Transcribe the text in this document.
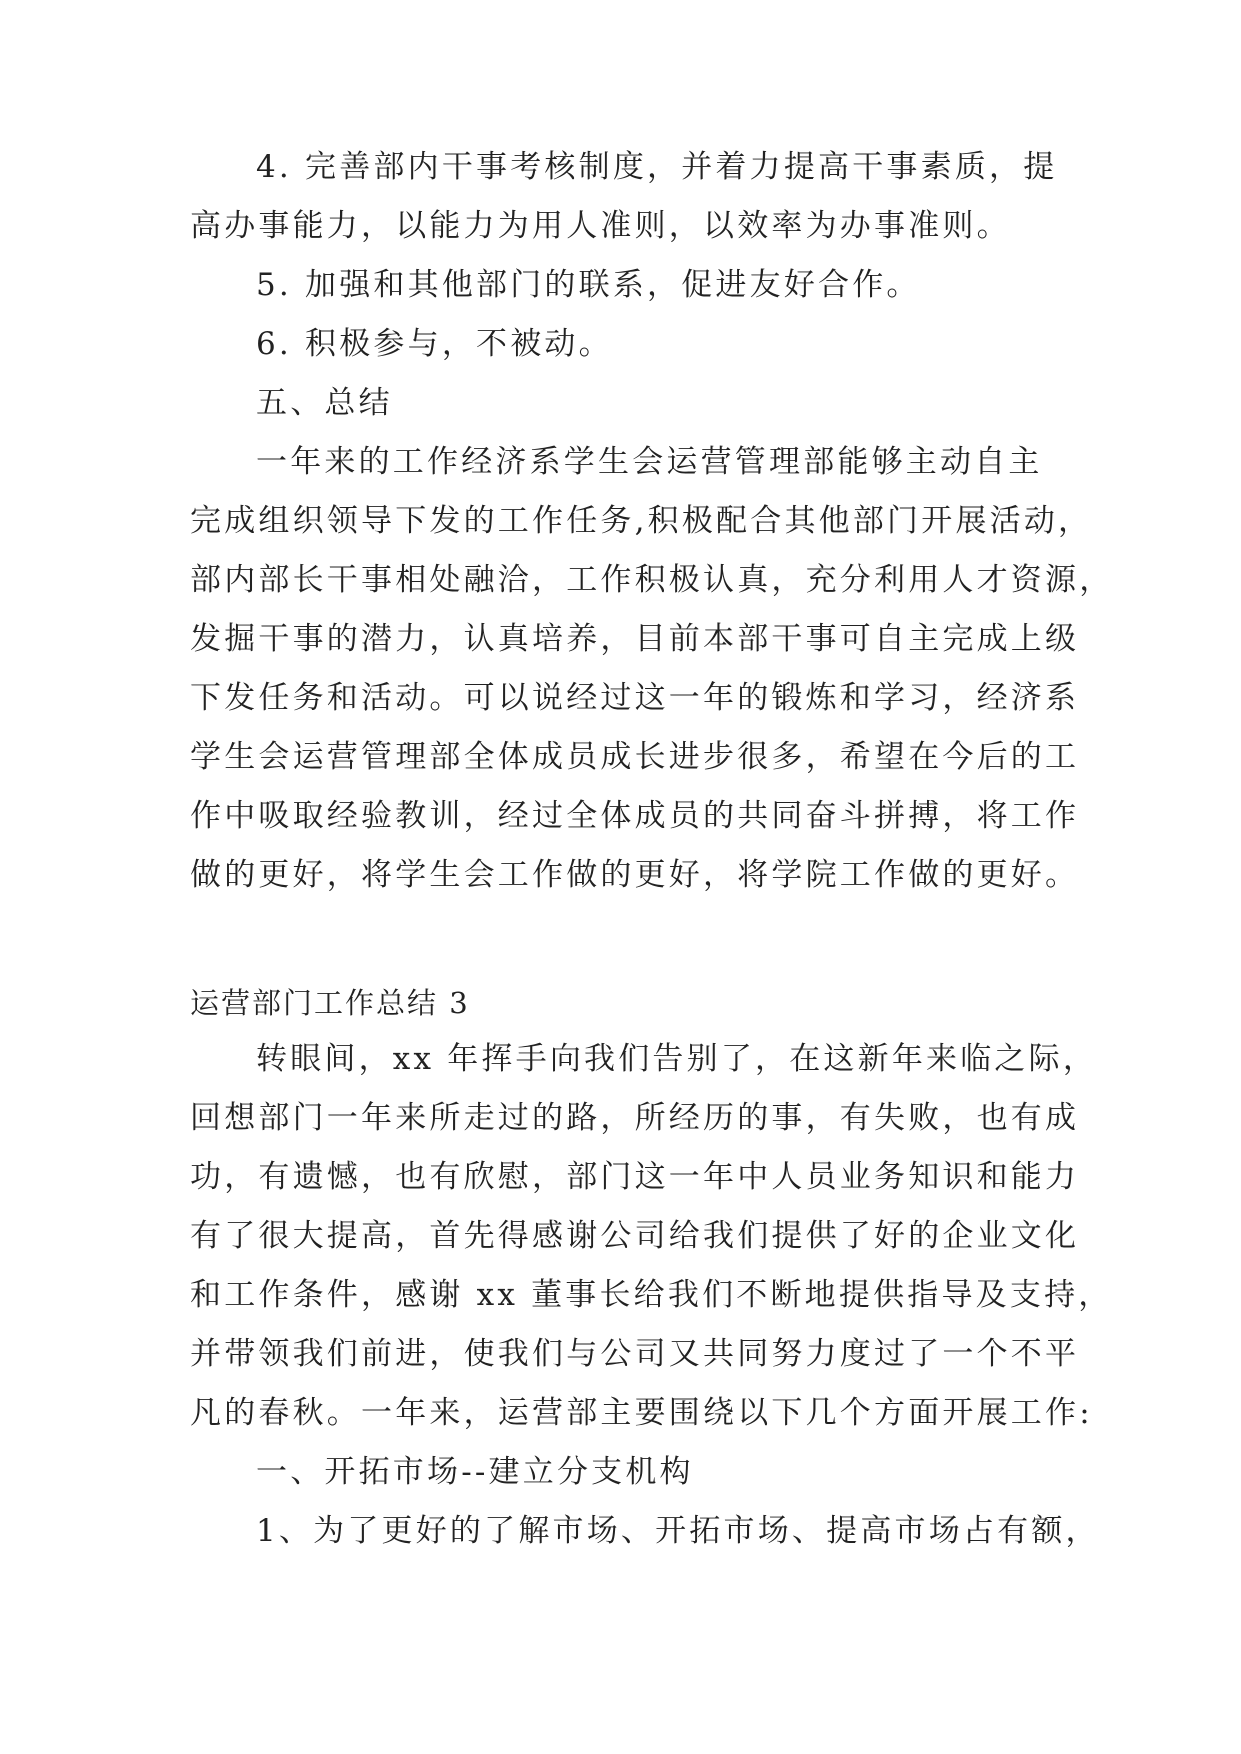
4. 完善部内干事考核制度，并着力提高干事素质，提
高办事能力，以能力为用人准则，以效率为办事准则。
5. 加强和其他部门的联系，促进友好合作。
6. 积极参与，不被动。
五、总结
一年来的工作经济系学生会运营管理部能够主动自主
完成组织领导下发的工作任务,积极配合其他部门开展活动，
部内部长干事相处融洽，工作积极认真，充分利用人才资源，
发掘干事的潜力，认真培养，目前本部干事可自主完成上级
下发任务和活动。可以说经过这一年的锻炼和学习，经济系
学生会运营管理部全体成员成长进步很多，希望在今后的工
作中吸取经验教训，经过全体成员的共同奋斗拼搏，将工作
做的更好，将学生会工作做的更好，将学院工作做的更好。
运营部门工作总结 3
转眼间，xx 年挥手向我们告别了，在这新年来临之际，
回想部门一年来所走过的路，所经历的事，有失败，也有成
功，有遗憾，也有欣慰，部门这一年中人员业务知识和能力
有了很大提高，首先得感谢公司给我们提供了好的企业文化
和工作条件，感谢 xx 董事长给我们不断地提供指导及支持，
并带领我们前进，使我们与公司又共同努力度过了一个不平
凡的春秋。一年来，运营部主要围绕以下几个方面开展工作:
一、开拓市场--建立分支机构
1、为了更好的了解市场、开拓市场、提高市场占有额，
